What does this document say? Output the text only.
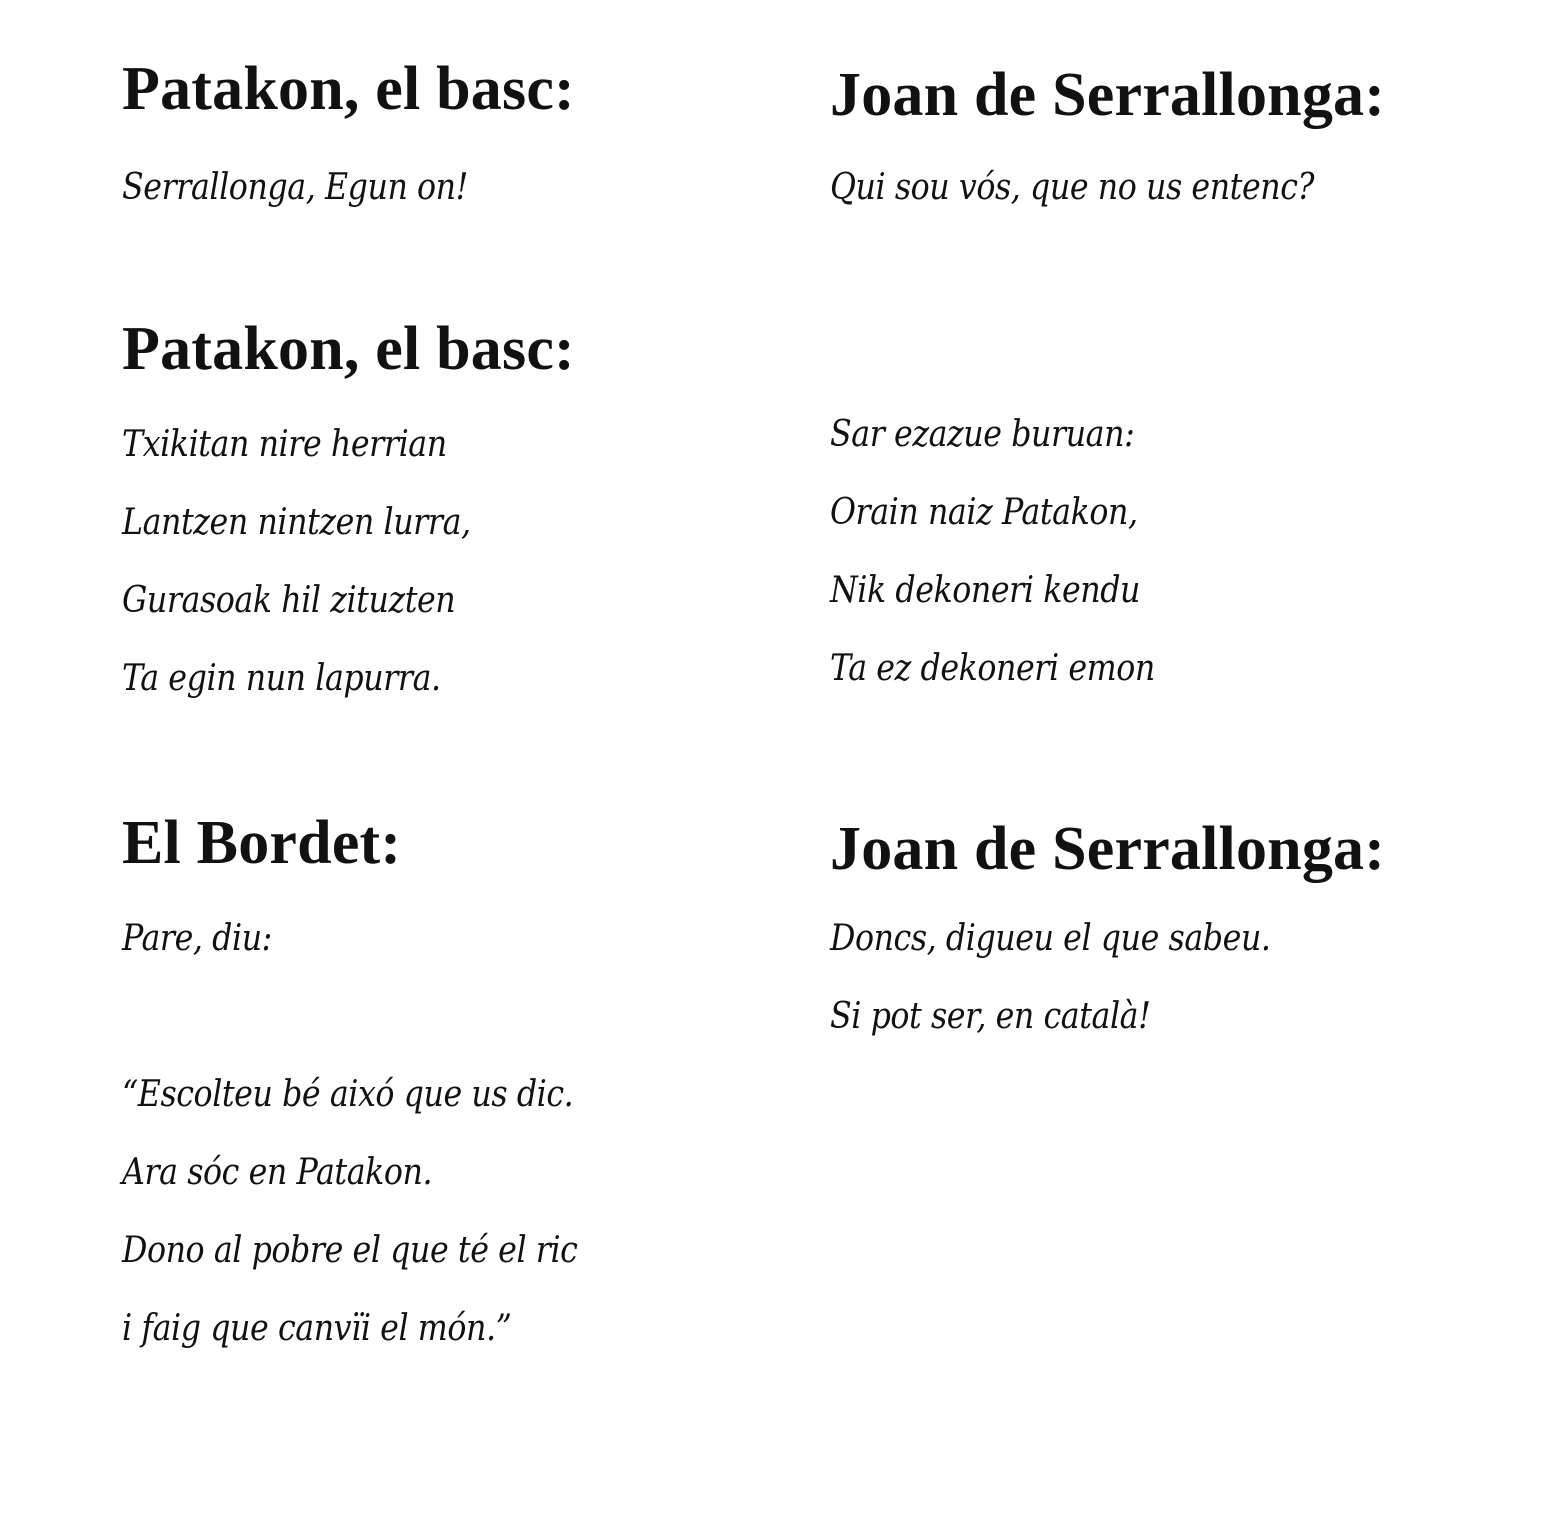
Patakon, el basc:
Serrallonga, Egun on!
Joan de Serrallonga:
Qui sou vós, que no us entenc?
Patakon, el basc:
Txikitan nire herrian
Lantzen nintzen lurra,
Gurasoak hil zituzten
Ta egin nun lapurra.
Sar ezazue buruan:
Orain naiz Patakon,
Nik dekoneri kendu
Ta ez dekoneri emon
El Bordet:
Pare, diu:
“Escolteu bé aixó que us dic.
Ara sóc en Patakon.
Dono al pobre el que té el ric
i faig que canvïi el món.”
Joan de Serrallonga:
Doncs, digueu el que sabeu.
Si pot ser, en català!
